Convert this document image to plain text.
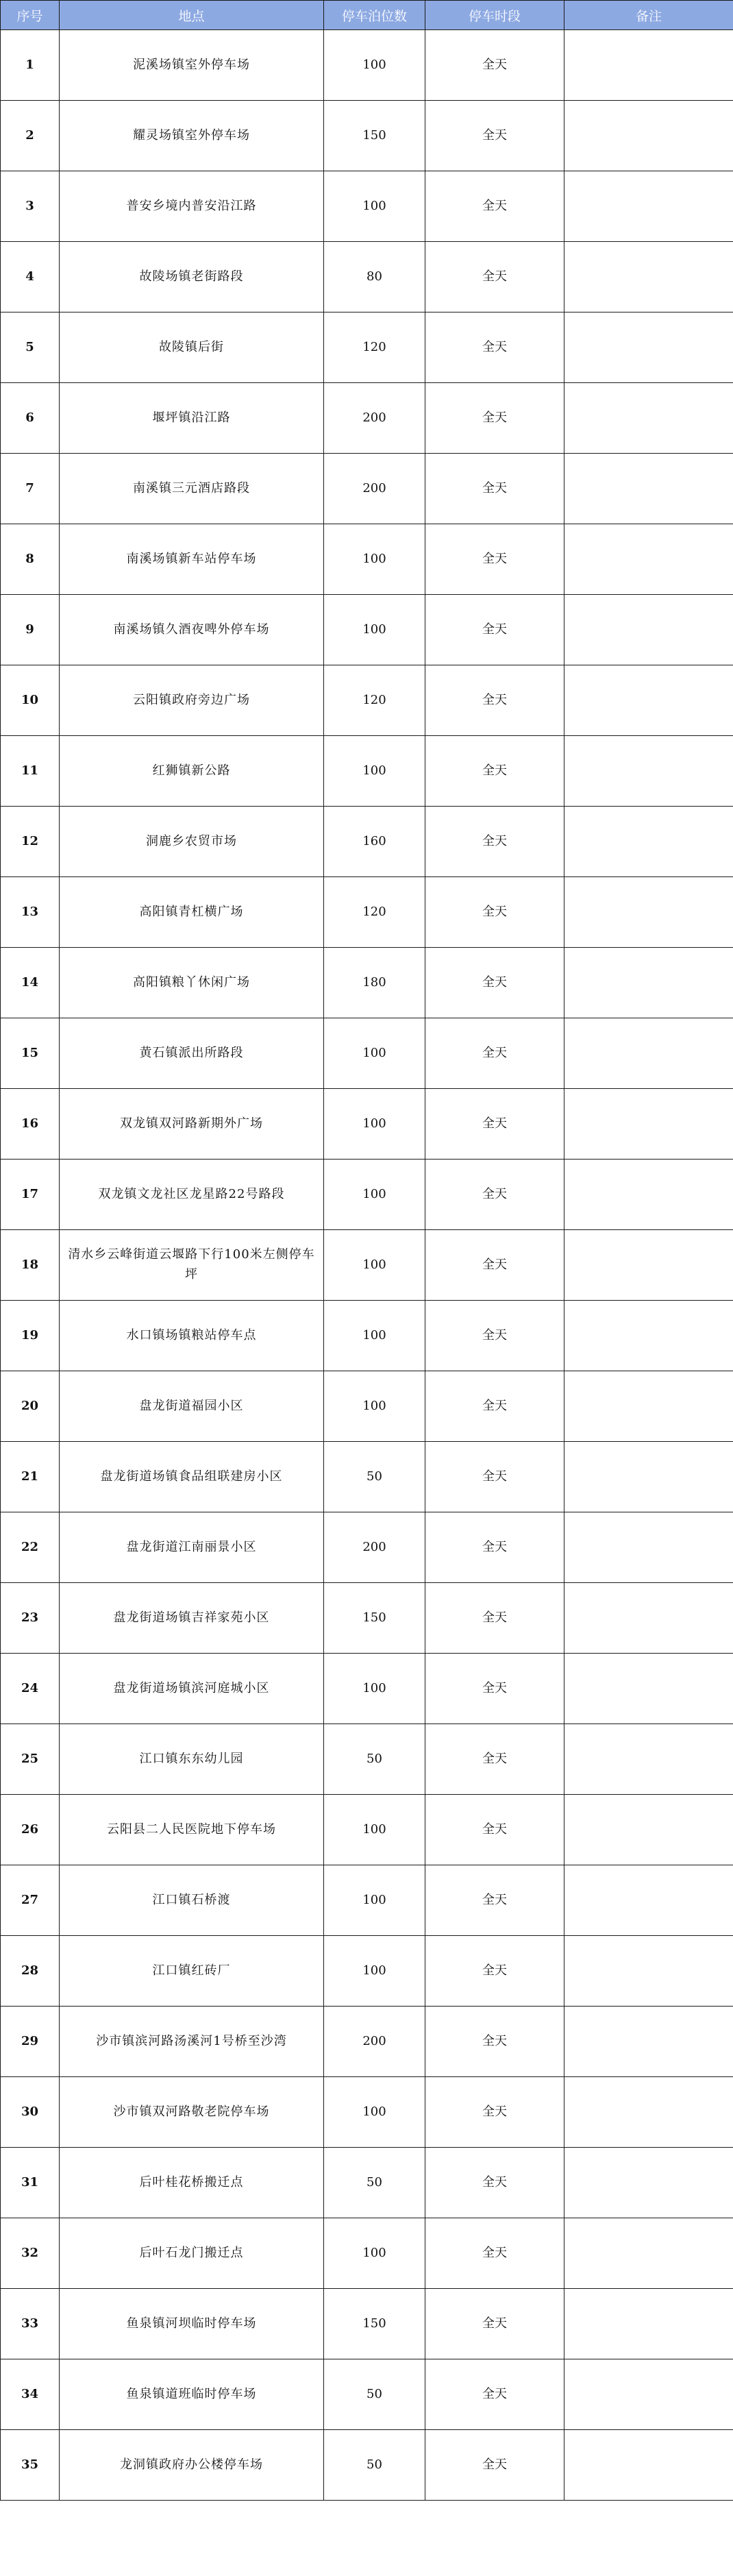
序号	地点	停车泊位数	停车时段	备注
1	泥溪场镇室外停车场	100	全天	
2	耀灵场镇室外停车场	150	全天	
3	普安乡境内普安沿江路	100	全天	
4	故陵场镇老街路段	80	全天	
5	故陵镇后街	120	全天	
6	堰坪镇沿江路	200	全天	
7	南溪镇三元酒店路段	200	全天	
8	南溪场镇新车站停车场	100	全天	
9	南溪场镇久酒夜啤外停车场	100	全天	
10	云阳镇政府旁边广场	120	全天	
11	红狮镇新公路	100	全天	
12	洞鹿乡农贸市场	160	全天	
13	高阳镇青杠横广场	120	全天	
14	高阳镇粮丫休闲广场	180	全天	
15	黄石镇派出所路段	100	全天	
16	双龙镇双河路新期外广场	100	全天	
17	双龙镇文龙社区龙星路22号路段	100	全天	
18	清水乡云峰街道云堰路下行100米左侧停车坪	100	全天	
19	水口镇场镇粮站停车点	100	全天	
20	盘龙街道福园小区	100	全天	
21	盘龙街道场镇食品组联建房小区	50	全天	
22	盘龙街道江南丽景小区	200	全天	
23	盘龙街道场镇吉祥家苑小区	150	全天	
24	盘龙街道场镇滨河庭城小区	100	全天	
25	江口镇东东幼儿园	50	全天	
26	云阳县二人民医院地下停车场	100	全天	
27	江口镇石桥渡	100	全天	
28	江口镇红砖厂	100	全天	
29	沙市镇滨河路汤溪河1号桥至沙湾	200	全天	
30	沙市镇双河路敬老院停车场	100	全天	
31	后叶桂花桥搬迁点	50	全天	
32	后叶石龙门搬迁点	100	全天	
33	鱼泉镇河坝临时停车场	150	全天	
34	鱼泉镇道班临时停车场	50	全天	
35	龙洞镇政府办公楼停车场	50	全天	
